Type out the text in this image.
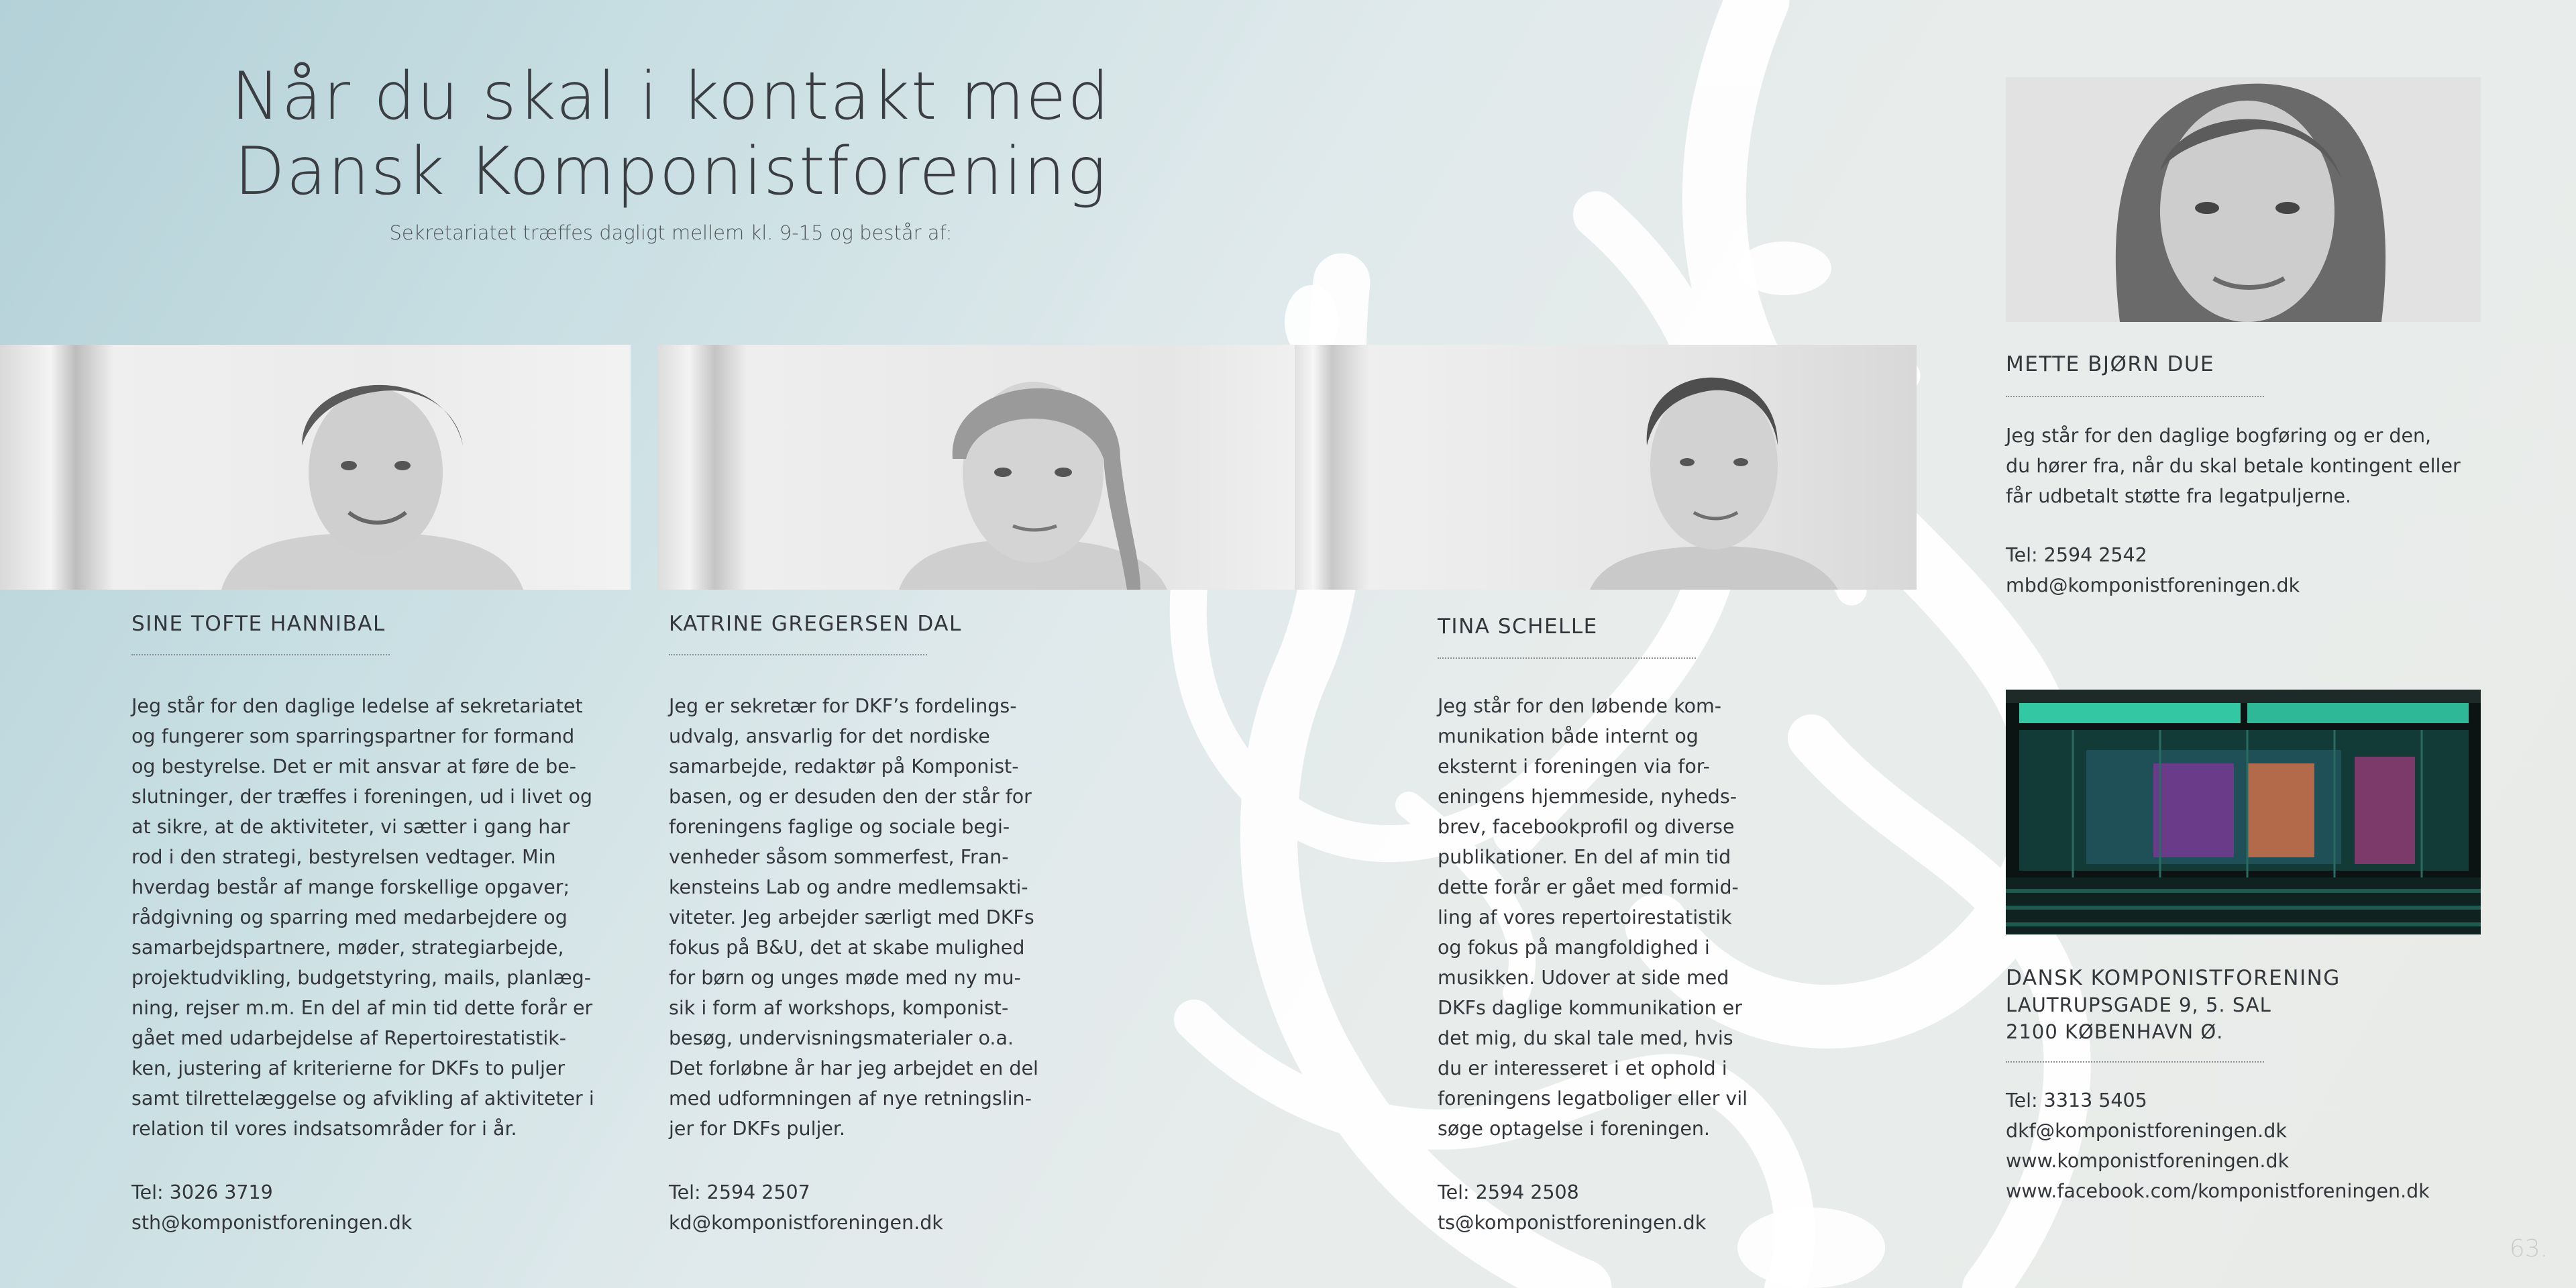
Når du skal i kontakt med
Dansk Komponistforening
Sekretariatet træffes dagligt mellem kl. 9-15 og består af:
SINE TOFTE HANNIBAL
Jeg står for den daglige ledelse af sekretariatet
og fungerer som sparringspartner for formand
og bestyrelse. Det er mit ansvar at føre de be-
slutninger, der træffes i foreningen, ud i livet og
at sikre, at de aktiviteter, vi sætter i gang har
rod i den strategi, bestyrelsen vedtager. Min
hverdag består af mange forskellige opgaver;
rådgivning og sparring med medarbejdere og
samarbejdspartnere, møder, strategiarbejde,
projektudvikling, budgetstyring, mails, planlæg-
ning, rejser m.m. En del af min tid dette forår er
gået med udarbejdelse af Repertoirestatistik-
ken, justering af kriterierne for DKFs to puljer
samt tilrettelæggelse og afvikling af aktiviteter i
relation til vores indsatsområder for i år.
Tel: 3026 3719
sth@komponistforeningen.dk
KATRINE GREGERSEN DAL
Jeg er sekretær for DKF’s fordelings-
udvalg, ansvarlig for det nordiske
samarbejde, redaktør på Komponist-
basen, og er desuden den der står for
foreningens faglige og sociale begi-
venheder såsom sommerfest, Fran-
kensteins Lab og andre medlemsakti-
viteter. Jeg arbejder særligt med DKFs
fokus på B&U, det at skabe mulighed
for børn og unges møde med ny mu-
sik i form af workshops, komponist-
besøg, undervisningsmaterialer o.a.
Det forløbne år har jeg arbejdet en del
med udformningen af nye retningslin-
jer for DKFs puljer.
Tel: 2594 2507
kd@komponistforeningen.dk
TINA SCHELLE
Jeg står for den løbende kom-
munikation både internt og
eksternt i foreningen via for-
eningens hjemmeside, nyheds-
brev, facebookprofil og diverse
publikationer. En del af min tid
dette forår er gået med formid-
ling af vores repertoirestatistik
og fokus på mangfoldighed i
musikken. Udover at side med
DKFs daglige kommunikation er
det mig, du skal tale med, hvis
du er interesseret i et ophold i
foreningens legatboliger eller vil
søge optagelse i foreningen.
Tel: 2594 2508
ts@komponistforeningen.dk
METTE BJØRN DUE
Jeg står for den daglige bogføring og er den,
du hører fra, når du skal betale kontingent eller
får udbetalt støtte fra legatpuljerne.
Tel: 2594 2542
mbd@komponistforeningen.dk
DANSK KOMPONISTFORENING
LAUTRUPSGADE 9, 5. SAL
2100 KØBENHAVN Ø.
Tel: 3313 5405
dkf@komponistforeningen.dk
www.komponistforeningen.dk
www.facebook.com/komponistforeningen.dk
63.
